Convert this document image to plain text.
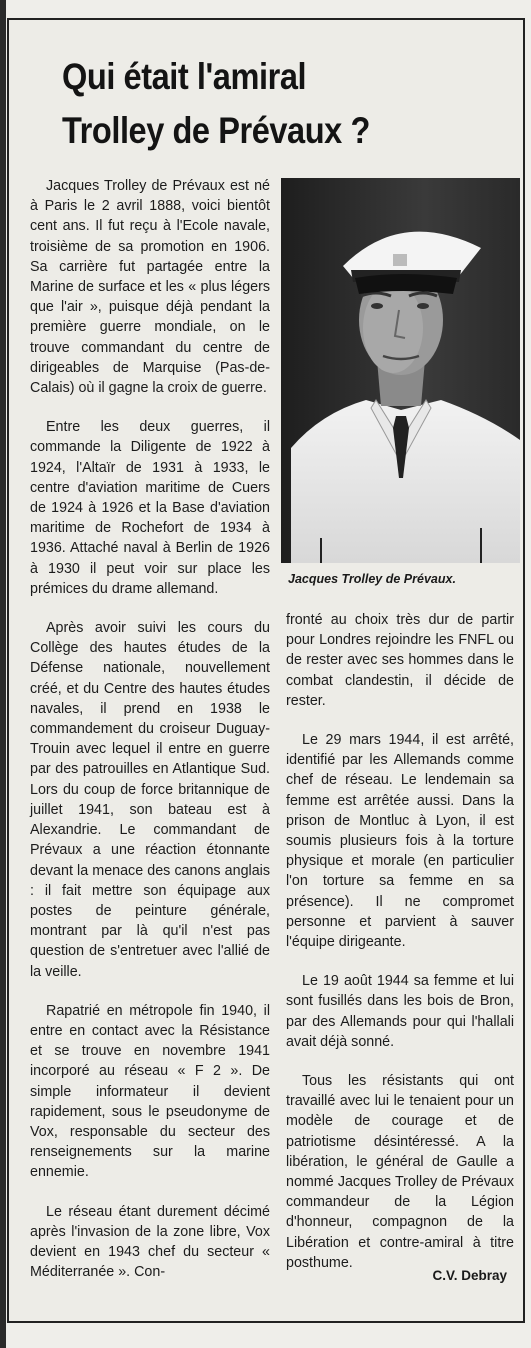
Qui était l'amiral
Trolley de Prévaux ?

Jacques Trolley de Prévaux est né à Paris le 2 avril 1888, voici bientôt cent ans. Il fut reçu à l'Ecole navale, troisième de sa promotion en 1906. Sa carrière fut partagée entre la Marine de surface et les « plus légers que l'air », puisque déjà pendant la première guerre mondiale, on le trouve commandant du centre de dirigeables de Marquise (Pas-de-Calais) où il gagne la croix de guerre.

Entre les deux guerres, il commande la Diligente de 1922 à 1924, l'Altaïr de 1931 à 1933, le centre d'aviation maritime de Cuers de 1924 à 1926 et la Base d'aviation maritime de Rochefort de 1934 à 1936. Attaché naval à Berlin de 1926 à 1930 il peut voir sur place les prémices du drame allemand.

Après avoir suivi les cours du Collège des hautes études de la Défense nationale, nouvellement créé, et du Centre des hautes études navales, il prend en 1938 le commandement du croiseur Duguay-Trouin avec lequel il entre en guerre par des patrouilles en Atlantique Sud. Lors du coup de force britannique de juillet 1941, son bateau est à Alexandrie. Le commandant de Prévaux a une réaction étonnante devant la menace des canons anglais : il fait mettre son équipage aux postes de peinture générale, montrant par là qu'il n'est pas question de s'entretuer avec l'allié de la veille.

Rapatrié en métropole fin 1940, il entre en contact avec la Résistance et se trouve en novembre 1941 incorporé au réseau « F 2 ». De simple informateur il devient rapidement, sous le pseudonyme de Vox, responsable du secteur des renseignements sur la marine ennemie.

Le réseau étant durement décimé après l'invasion de la zone libre, Vox devient en 1943 chef du secteur « Méditerranée ». Con-

Jacques Trolley de Prévaux.

fronté au choix très dur de partir pour Londres rejoindre les FNFL ou de rester avec ses hommes dans le combat clandestin, il décide de rester.

Le 29 mars 1944, il est arrêté, identifié par les Allemands comme chef de réseau. Le lendemain sa femme est arrêtée aussi. Dans la prison de Montluc à Lyon, il est soumis plusieurs fois à la torture physique et morale (en particulier l'on torture sa femme en sa présence). Il ne compromet personne et parvient à sauver l'équipe dirigeante.

Le 19 août 1944 sa femme et lui sont fusillés dans les bois de Bron, par des Allemands pour qui l'hallali avait déjà sonné.

Tous les résistants qui ont travaillé avec lui le tenaient pour un modèle de courage et de patriotisme désintéressé. A la libération, le général de Gaulle a nommé Jacques Trolley de Prévaux commandeur de la Légion d'honneur, compagnon de la Libération et contre-amiral à titre posthume.

C.V. Debray
